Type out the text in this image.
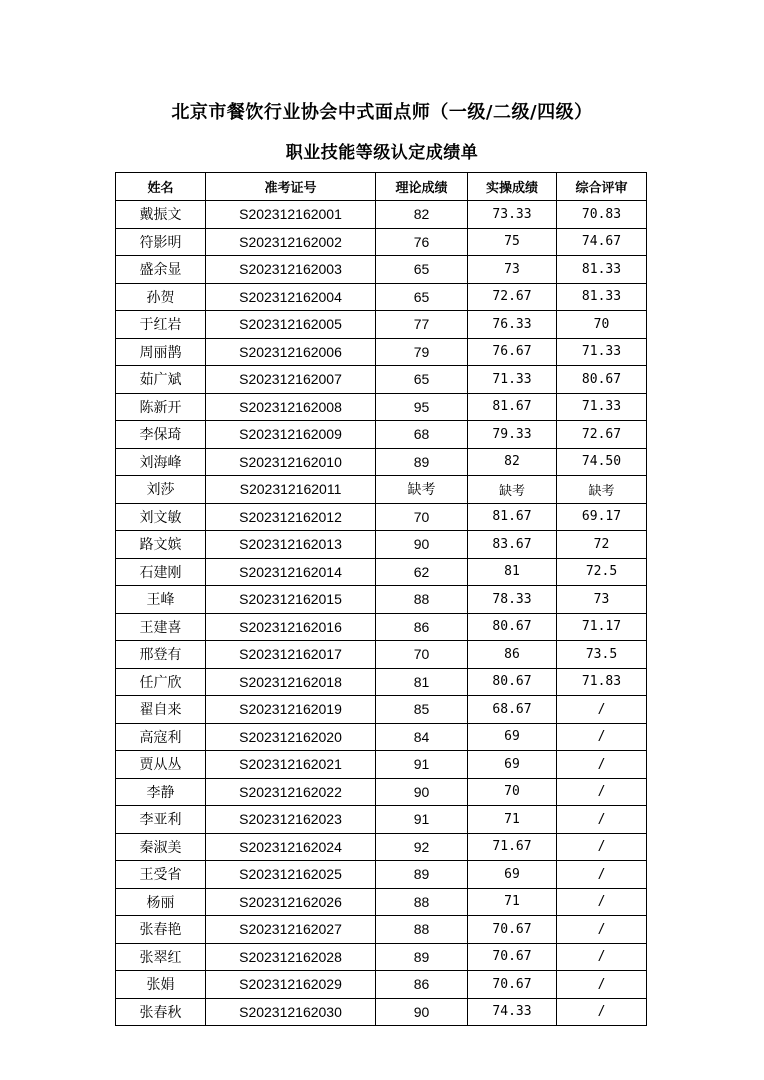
北京市餐饮行业协会中式面点师（一级/二级/四级）
职业技能等级认定成绩单
姓名	准考证号	理论成绩	实操成绩	综合评审
戴振文	S202312162001	82	73.33	70.83
符影明	S202312162002	76	75	74.67
盛余显	S202312162003	65	73	81.33
孙贺	S202312162004	65	72.67	81.33
于红岩	S202312162005	77	76.33	70
周丽鹊	S202312162006	79	76.67	71.33
茹广斌	S202312162007	65	71.33	80.67
陈新开	S202312162008	95	81.67	71.33
李保琦	S202312162009	68	79.33	72.67
刘海峰	S202312162010	89	82	74.50
刘莎	S202312162011	缺考	缺考	缺考
刘文敏	S202312162012	70	81.67	69.17
路文嫔	S202312162013	90	83.67	72
石建刚	S202312162014	62	81	72.5
王峰	S202312162015	88	78.33	73
王建喜	S202312162016	86	80.67	71.17
邢登有	S202312162017	70	86	73.5
任广欣	S202312162018	81	80.67	71.83
翟自来	S202312162019	85	68.67	/
高寇利	S202312162020	84	69	/
贾从丛	S202312162021	91	69	/
李静	S202312162022	90	70	/
李亚利	S202312162023	91	71	/
秦淑美	S202312162024	92	71.67	/
王受省	S202312162025	89	69	/
杨丽	S202312162026	88	71	/
张春艳	S202312162027	88	70.67	/
张翠红	S202312162028	89	70.67	/
张娟	S202312162029	86	70.67	/
张春秋	S202312162030	90	74.33	/
